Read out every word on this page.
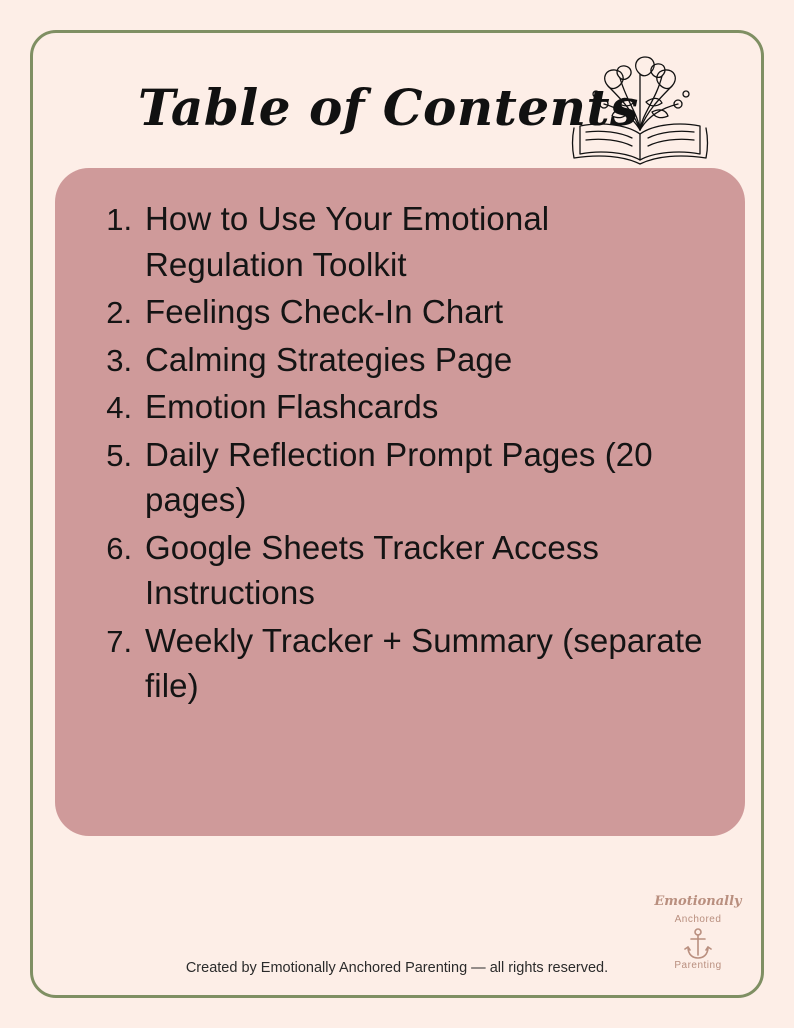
Table of Contents
1. How to Use Your Emotional Regulation Toolkit
2. Feelings Check-In Chart
3. Calming Strategies Page
4. Emotion Flashcards
5. Daily Reflection Prompt Pages (20 pages)
6. Google Sheets Tracker Access Instructions
7. Weekly Tracker + Summary (separate file)
Created by Emotionally Anchored Parenting — all rights reserved.
Emotionally
Anchored
Parenting
